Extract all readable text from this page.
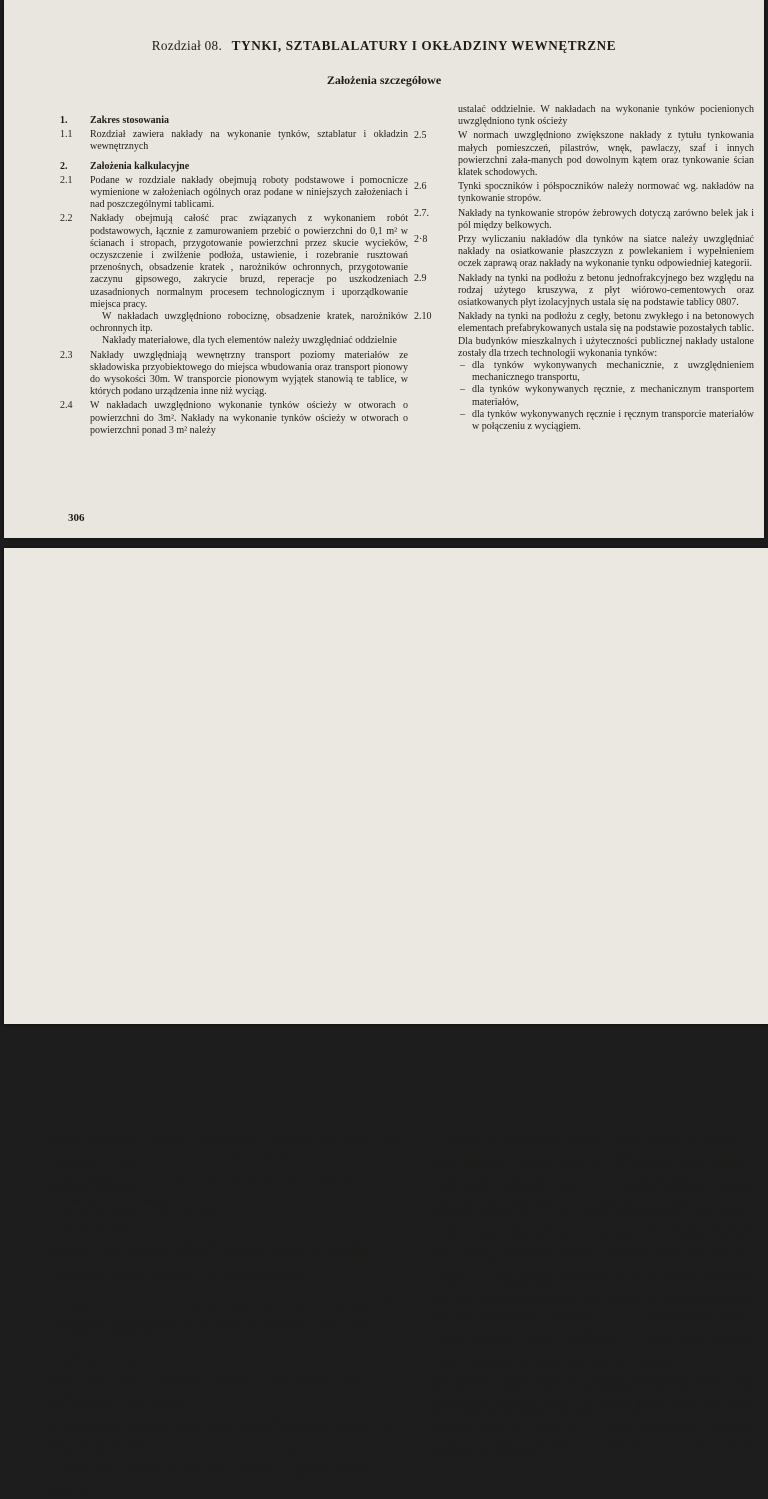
Rozdział 08. TYNKI, SZTABLALATURY I OKŁADZINY WEWNĘTRZNE
Założenia szczegółowe
1.	Zakres stosowania
1.1	Rozdział zawiera nakłady na wykonanie tynków, sztablatur i okładzin wewnętrznych
2.	Założenia kalkulacyjne
2.1	Podane w rozdziale nakłady obejmują roboty podstawowe i pomocnicze wymienione w założeniach ogólnych oraz podane w niniejszych założeniach i nad poszczególnymi tablicami.
2.2	Nakłady obejmują całość prac związanych z wykonaniem robót podstawowych, łącznie z zamurowaniem przebić o powierzchni do 0,1 m² w ścianach i stropach, przygotowanie powierzchni przez skucie wycieków, oczyszczenie i zwilżenie podłoża, ustawienie, i rozebranie rusztowań przenośnych, obsadzenie kratek , narożników ochronnych, przygotowanie zaczynu gipsowego, zakrycie bruzd, reperacje po uszkodzeniach uzasadnionych normalnym procesem technologicznym i uporządkowanie miejsca pracy.
W nakładach uwzględniono robociznę, obsadzenie kratek, narożników ochronnych itp.
Nakłady materiałowe, dla tych elementów należy uwzględniać oddzielnie
2.3	Nakłady uwzględniają wewnętrzny transport poziomy materiałów ze składowiska przyobiektowego do miejsca wbudowania oraz transport pionowy do wysokości 30m. W transporcie pionowym wyjątek stanowią te tablice, w których podano urządzenia inne niż wyciąg.
2.4	W nakładach uwzględniono wykonanie tynków ościeży w otworach o powierzchni do 3m². Nakłady na wykonanie tynków ościeży w otworach o powierzchni ponad 3 m² należy
ustalać oddzielnie. W nakładach na wykonanie tynków pocienionych uwzględniono tynk ościeży
2.5	W normach uwzględniono zwiększone nakłady z tytułu tynkowania małych pomieszczeń, pilastrów, wnęk, pawlaczy, szaf i innych powierzchni zała-manych pod dowolnym kątem oraz tynkowanie ścian klatek schodowych.
2.6	Tynki spoczników i półspoczników należy normować wg. nakładów na tynkowanie stropów.
2.7.	Nakłady na tynkowanie stropów żebrowych dotyczą zarówno belek jak i pól między belkowych.
2·8	Przy wyliczaniu nakładów dla tynków na siatce należy uwzględniać nakłady na osiatkowanie płaszczyzn z powlekaniem i wypełnieniem oczek zaprawą oraz nakłady na wykonanie tynku odpowiedniej kategorii.
2.9	Nakłady na tynki na podłożu z betonu jednofrakcyjnego bez względu na rodzaj użytego kruszywa, z płyt wiórowo-cementowych oraz osiatkowanych płyt izolacyjnych ustala się na podstawie tablicy 0807.
2.10	Nakłady na tynki na podłożu z cegły, betonu zwykłego i na betonowych elementach prefabrykowanych ustala się na podstawie pozostałych tablic. Dla budynków mieszkalnych i użyteczności publicznej nakłady ustalone zostały dla trzech technologii wykonania tynków:
– dla tynków wykonywanych mechanicznie, z uwzględnieniem mechanicznego transportu,
– dla tynków wykonywanych ręcznie, z mechanicznym transportem materiałów,
– dla tynków wykonywanych ręcznie i ręcznym transporcie materiałów w połączeniu z wyciągiem.
306
2.1 l	Nakłady przewidują do transportu mechanicznego materiałów zastosowanie przy tynkowaniu budynków do 8 kondygnacji agregatów tynkarskich o wydajności 1,1-3m³/h.
Dla budynków do 16 kondygnacji przewidziane jest użycie następujących zestawów tynkarskich:
– wibrosita z mieszalnikiem,
– pompy do zapraw H = 30 m, do 3 m³/h,
– pompy do zapraw H = 30 m, do 6 m³/h.
2.12.	Nakłady dla sztablatur nie uwzględniają robót i materiałów na wykonanie podkładów oraz obsadzenie drobnych elementów. Nakłady na wykonanie podkładów oraz obsadzenie drobnych elementów należy normować oddzielnie według tablic nakładów dla tynków wewnętrznych IV kategorii.
3.	Warunki techniczne
Szczegółowe wymagania w zakresie wykonania tynków i okładzin wewnętrznych podają aktualne Warunki techniczne wykonania i odbioru robót budowlano-montażowych.
4.	Zasady przedmiarowania
4.1.	Tynki i gładzie oblicza się w metrach kwadratowych jako iloczyn długości ścian w stanie surowym i wysokości mierzonej od czystej podłogi do spodu stropu. Powierzchnie pilastrów i słupów oblicza się w rozwinięciu powierzchni tych elementów w stanie surowym.
Powierzchnie kolumn i półkolumn o przekroju okrągłym i owalnym oblicza się wg. opisanego prostokąta lub jego trzech boków w największym przekroju przez największą wysokość.
42.	Tynki i gładzie stropów płaskich oblicza się w metrach kwadratowych ich rzutu w świetle ścian surowych na płaszczyznę poziomą. Powierzchnie stropów żebrowych i kasetonowych oblicza się w rozwinięciu według wymiarów w stanie suro-
4.3.	Z nakładów na powierzchnie tynków i gładzi potrąca się nakłady na powierzchnie nieotynkowane, powierzchnie ciągnione lub obróbek kamiennych i innych, jeżeli każda z nich jest większa niż 1 m². Potrąca się również nakłady na otwory o powierzchni ponad 1 m², jeżeli ościeża ich są nieotynkowane
oraz otwory o powierzchni ponad 3 m². Z powierzchni tynków nie odlicza się powierzchni nie-otynkowanych lub ciągnionych mniejszych niż 1m² i powierzchni otworów do 3 m², jeżeli ościeża ich są tynkowane. Tynki ościeży w otworach o powie-rzchni ponad 3 m² oblicza się jako iloczyn jednokrotnej długości ościeża, mierzonej w świetle oście-żnicy, przez szerokość ościeża w stanie surowym. Powierzchnie otworów oblicza się w świetle oscie-żnicy lub w świetle muru, jeżeli otwory są bez ościeżnicy.
Otwory w obramowaniach ciągnionych oblicza się według zewnętrznych wymiarów obrysu obramowania.
4.4.	Siatkowanie na gotowej konstrukcji nośnej oblicza się w metrach kwadratowych.
4.5.	Bonie ścian prostokątnych o szerokości do 2 cm na powierzchniach prostych i łukowych oblicza się w metrach ich długości.
Bonie prostokątne o szerokości większej niż 2 cm należy zaliczać do profilów ciągnionych.
Złącza, niezależnie od rodzaju złącza, liczy się w sztukach.
4.6.	Tynki ścianek na siatce oblicza się w metrach kwadratowych. Jeżeli grubość szkieletu nie przekracza 20 mm, powierzchnie tynku przyjmuje się jak jednostronną powierzchnię ścianki. Przy większej grubości każdą stronę ścianki należy normować jak ściankę tynkowaną jednostronnie.
4.7.	Sztablatury płaszczyzn oblicza się w metrach kwadratowych powierzchni pokrytych sztablaturą w rozwinięciu. Z powierzchni sztablatur nie potrąca się powierzchni nie pokrytych
